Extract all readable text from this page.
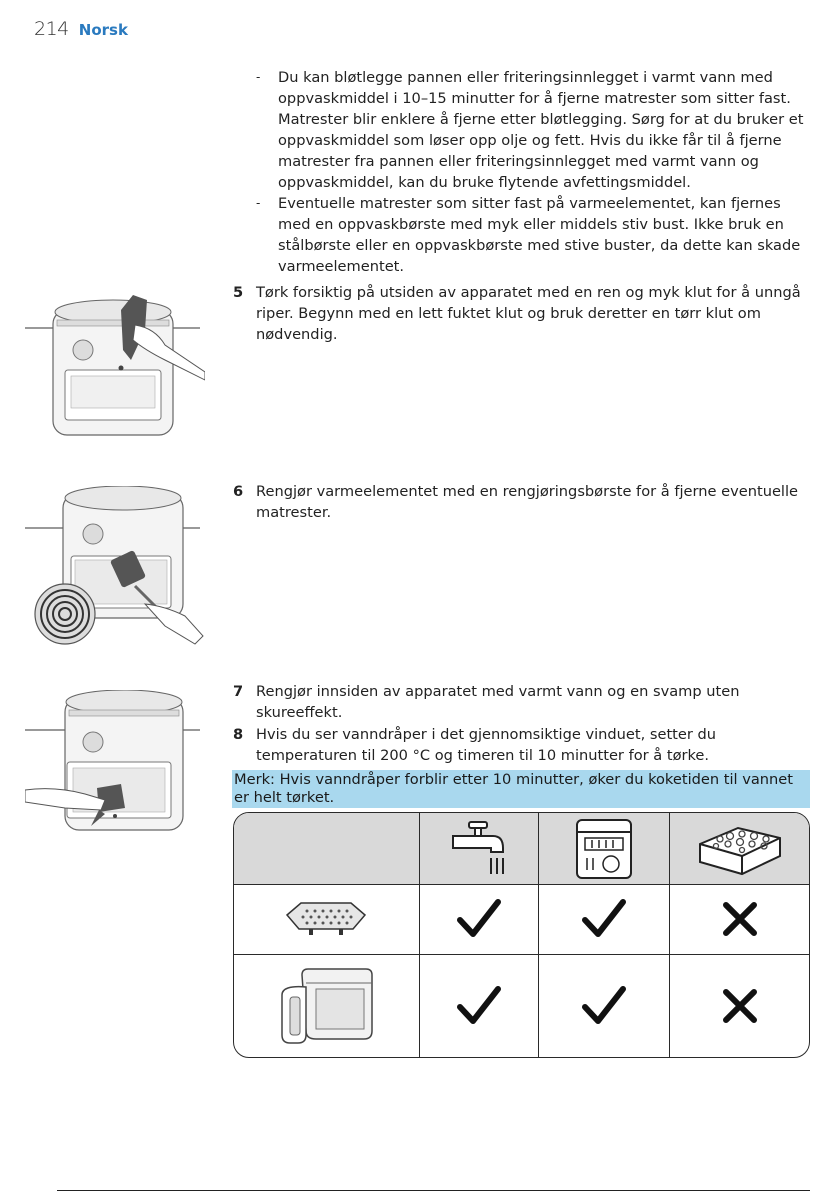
214 Norsk
- Du kan bløtlegge pannen eller friteringsinnlegget i varmt vann med oppvaskmiddel i 10–15 minutter for å fjerne matrester som sitter fast. Matrester blir enklere å fjerne etter bløtlegging. Sørg for at du bruker et oppvaskmiddel som løser opp olje og fett. Hvis du ikke får til å fjerne matrester fra pannen eller friteringsinnlegget med varmt vann og oppvaskmiddel, kan du bruke flytende avfettingsmiddel.
- Eventuelle matrester som sitter fast på varmeelementet, kan fjernes med en oppvaskbørste med myk eller middels stiv bust. Ikke bruk en stålbørste eller en oppvaskbørste med stive buster, da dette kan skade varmeelementet.
5 Tørk forsiktig på utsiden av apparatet med en ren og myk klut for å unngå riper. Begynn med en lett fuktet klut og bruk deretter en tørr klut om nødvendig.
6 Rengjør varmeelementet med en rengjøringsbørste for å fjerne eventuelle matrester.
7 Rengjør innsiden av apparatet med varmt vann og en svamp uten skureeffekt.
8 Hvis du ser vanndråper i det gjennomsiktige vinduet, setter du temperaturen til 200 °C og timeren til 10 minutter for å tørke.
Merk: Hvis vanndråper forblir etter 10 minutter, øker du koketiden til vannet er helt tørket.
